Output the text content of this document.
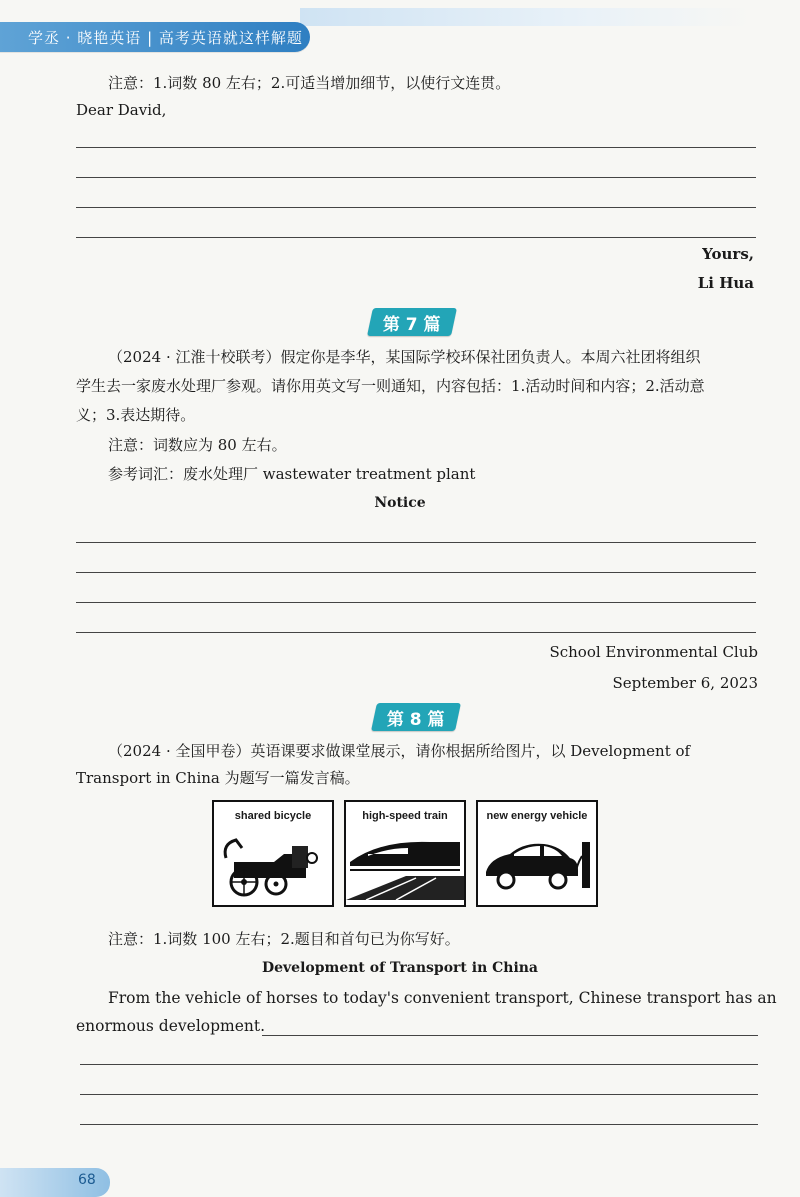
学丞 · 晓艳英语 | 高考英语就这样解题
注意：1.词数 80 左右；2.可适当增加细节，以使行文连贯。
Dear David,
Yours,
Li Hua
第 7 篇
（2024 · 江淮十校联考）假定你是李华，某国际学校环保社团负责人。本周六社团将组织
学生去一家废水处理厂参观。请你用英文写一则通知，内容包括：1.活动时间和内容；2.活动意
义；3.表达期待。
注意：词数应为 80 左右。
参考词汇：废水处理厂 wastewater treatment plant
Notice
School Environmental Club
September 6, 2023
第 8 篇
（2024 · 全国甲卷）英语课要求做课堂展示，请你根据所给图片，以 Development of
Transport in China 为题写一篇发言稿。
shared bicycle	high-speed train	new energy vehicle
注意：1.词数 100 左右；2.题目和首句已为你写好。
Development of Transport in China
From the vehicle of horses to today's convenient transport, Chinese transport has an
enormous development.
68
